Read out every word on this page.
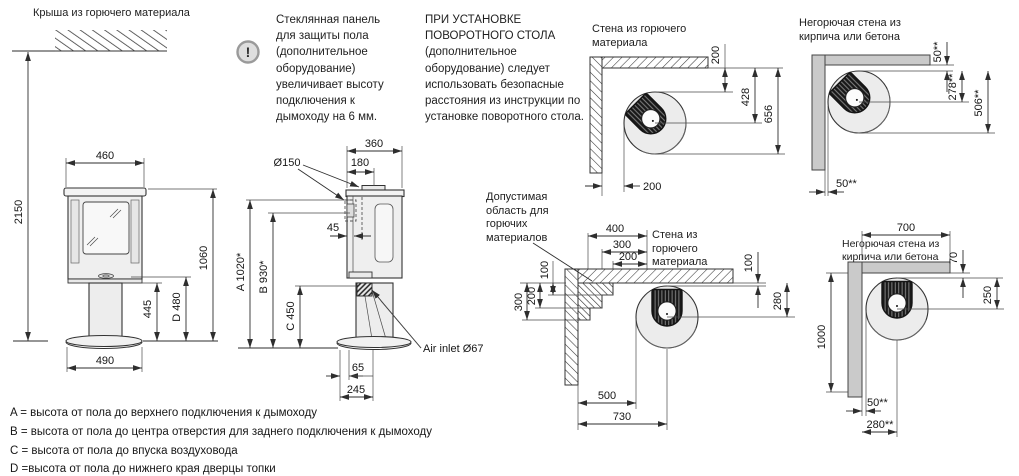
2150
460
1060
445 D 480
490
!
360
180
Ø150
45
A 1020* B 930*
C 450
65
245
Air inlet Ø67
200
428
656
200
50**
278**
506**
50**
400
300
200
100
200
300
100
280
500
730
700
70
250
1000
50**
280**
Крыша из горючего материала
Стеклянная панель для защиты пола (дополнительное оборудование) увеличивает высоту подключения к дымоходу на 6 мм.
ПРИ УСТАНОВКЕ ПОВОРОТНОГО СТОЛА (дополнительное оборудование) следует использовать безопасные расстояния из инструкции по установке поворотного стола.
Стена из горючего материала
Негорючая стена из кирпича или бетона
Допустимая область для горючих материалов	Стена из горючего материала
Негорючая стена из кирпича или бетона
A = высота от пола до верхнего подключения к дымоходу
B = высота от пола до центра отверстия для заднего подключения к дымоходу
C = высота от пола до впуска воздуховода
D =высота от пола до нижнего края дверцы топки
